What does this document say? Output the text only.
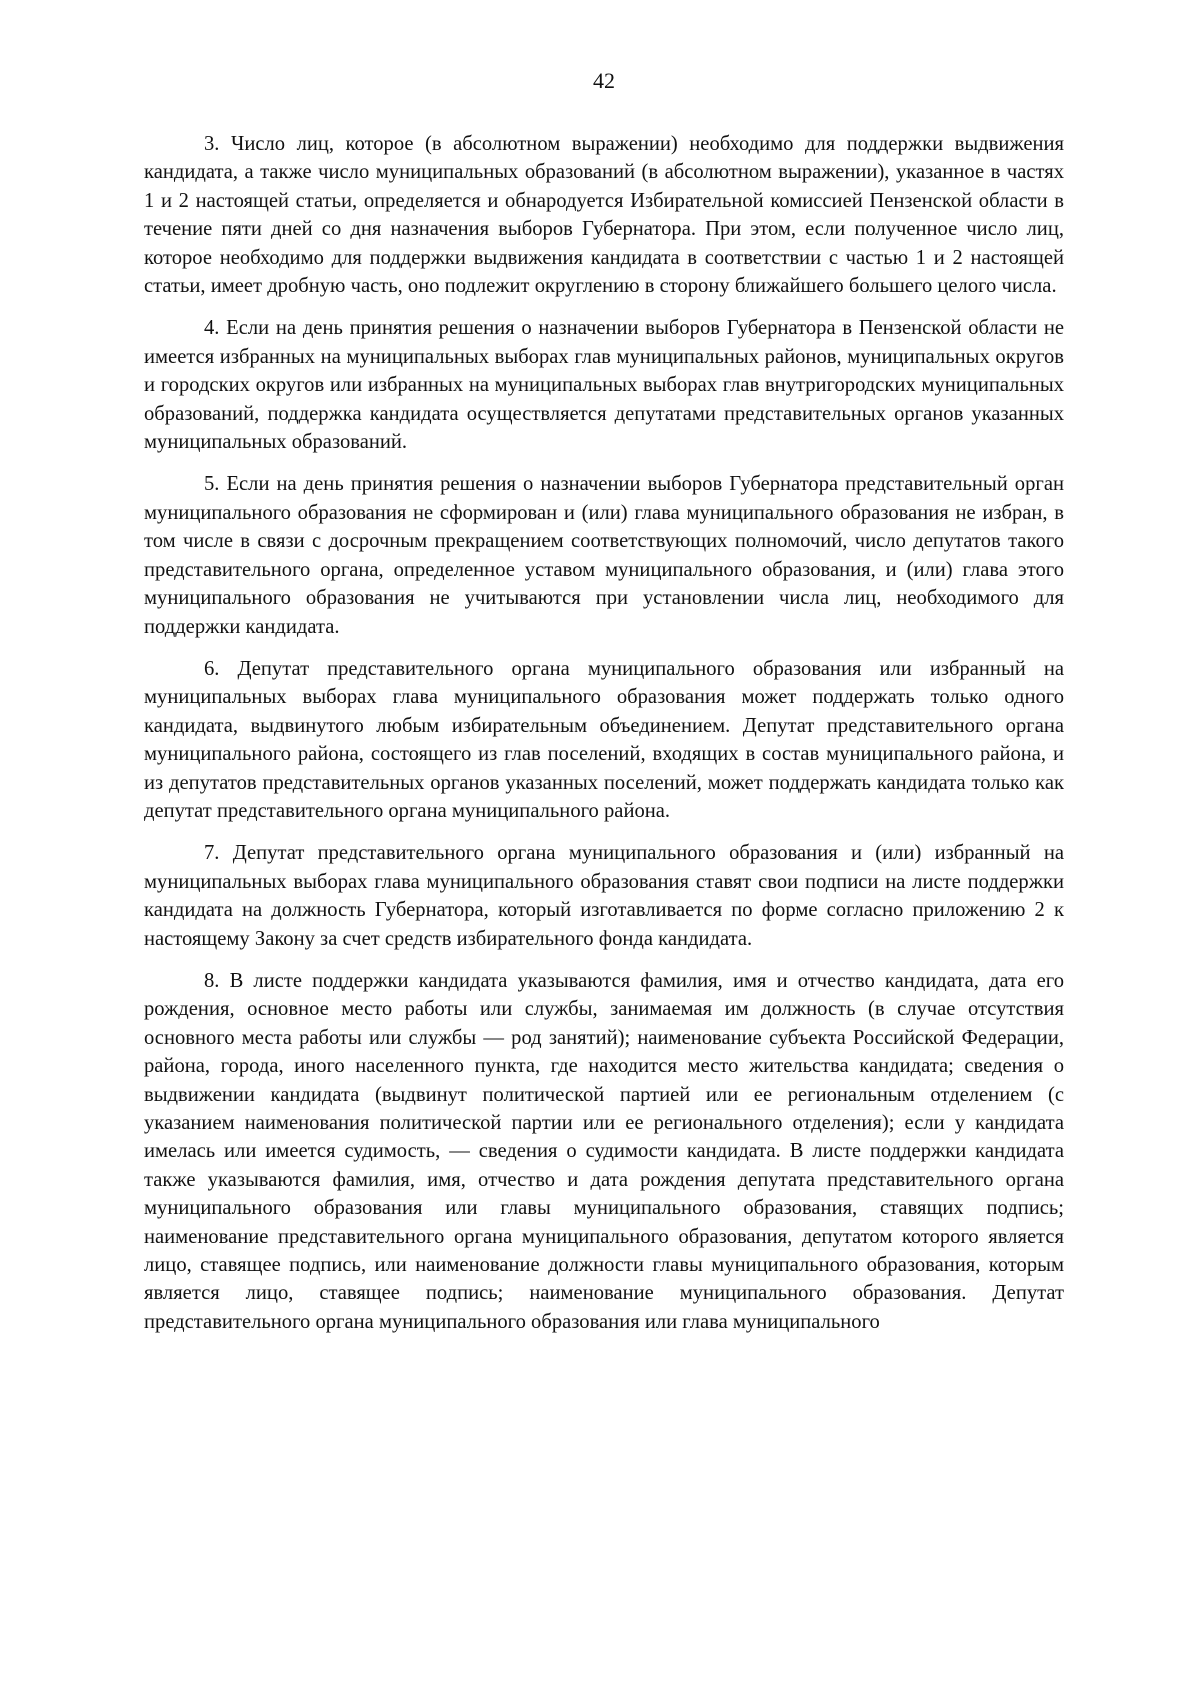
42

3. Число лиц, которое (в абсолютном выражении) необходимо для поддержки выдвижения кандидата, а также число муниципальных образований (в абсолютном выражении), указанное в частях 1 и 2 настоящей статьи, определяется и обнародуется Избирательной комиссией Пензенской области в течение пяти дней со дня назначения выборов Губернатора. При этом, если полученное число лиц, которое необходимо для поддержки выдвижения кандидата в соответствии с частью 1 и 2 настоящей статьи, имеет дробную часть, оно подлежит округлению в сторону ближайшего большего целого числа.

4. Если на день принятия решения о назначении выборов Губернатора в Пензенской области не имеется избранных на муниципальных выборах глав муниципальных районов, муниципальных округов и городских округов или избранных на муниципальных выборах глав внутригородских муниципальных образований, поддержка кандидата осуществляется депутатами представительных органов указанных муниципальных образований.

5. Если на день принятия решения о назначении выборов Губернатора представительный орган муниципального образования не сформирован и (или) глава муниципального образования не избран, в том числе в связи с досрочным прекращением соответствующих полномочий, число депутатов такого представительного органа, определенное уставом муниципального образования, и (или) глава этого муниципального образования не учитываются при установлении числа лиц, необходимого для поддержки кандидата.

6. Депутат представительного органа муниципального образования или избранный на муниципальных выборах глава муниципального образования может поддержать только одного кандидата, выдвинутого любым избирательным объединением. Депутат представительного органа муниципального района, состоящего из глав поселений, входящих в состав муниципального района, и из депутатов представительных органов указанных поселений, может поддержать кандидата только как депутат представительного органа муниципального района.

7. Депутат представительного органа муниципального образования и (или) избранный на муниципальных выборах глава муниципального образования ставят свои подписи на листе поддержки кандидата на должность Губернатора, который изготавливается по форме согласно приложению 2 к настоящему Закону за счет средств избирательного фонда кандидата.

8. В листе поддержки кандидата указываются фамилия, имя и отчество кандидата, дата его рождения, основное место работы или службы, занимаемая им должность (в случае отсутствия основного места работы или службы — род занятий); наименование субъекта Российской Федерации, района, города, иного населенного пункта, где находится место жительства кандидата; сведения о выдвижении кандидата (выдвинут политической партией или ее региональным отделением (с указанием наименования политической партии или ее регионального отделения); если у кандидата имелась или имеется судимость, — сведения о судимости кандидата. В листе поддержки кандидата также указываются фамилия, имя, отчество и дата рождения депутата представительного органа муниципального образования или главы муниципального образования, ставящих подпись; наименование представительного органа муниципального образования, депутатом которого является лицо, ставящее подпись, или наименование должности главы муниципального образования, которым является лицо, ставящее подпись; наименование муниципального образования. Депутат представительного органа муниципального образования или глава муниципального
